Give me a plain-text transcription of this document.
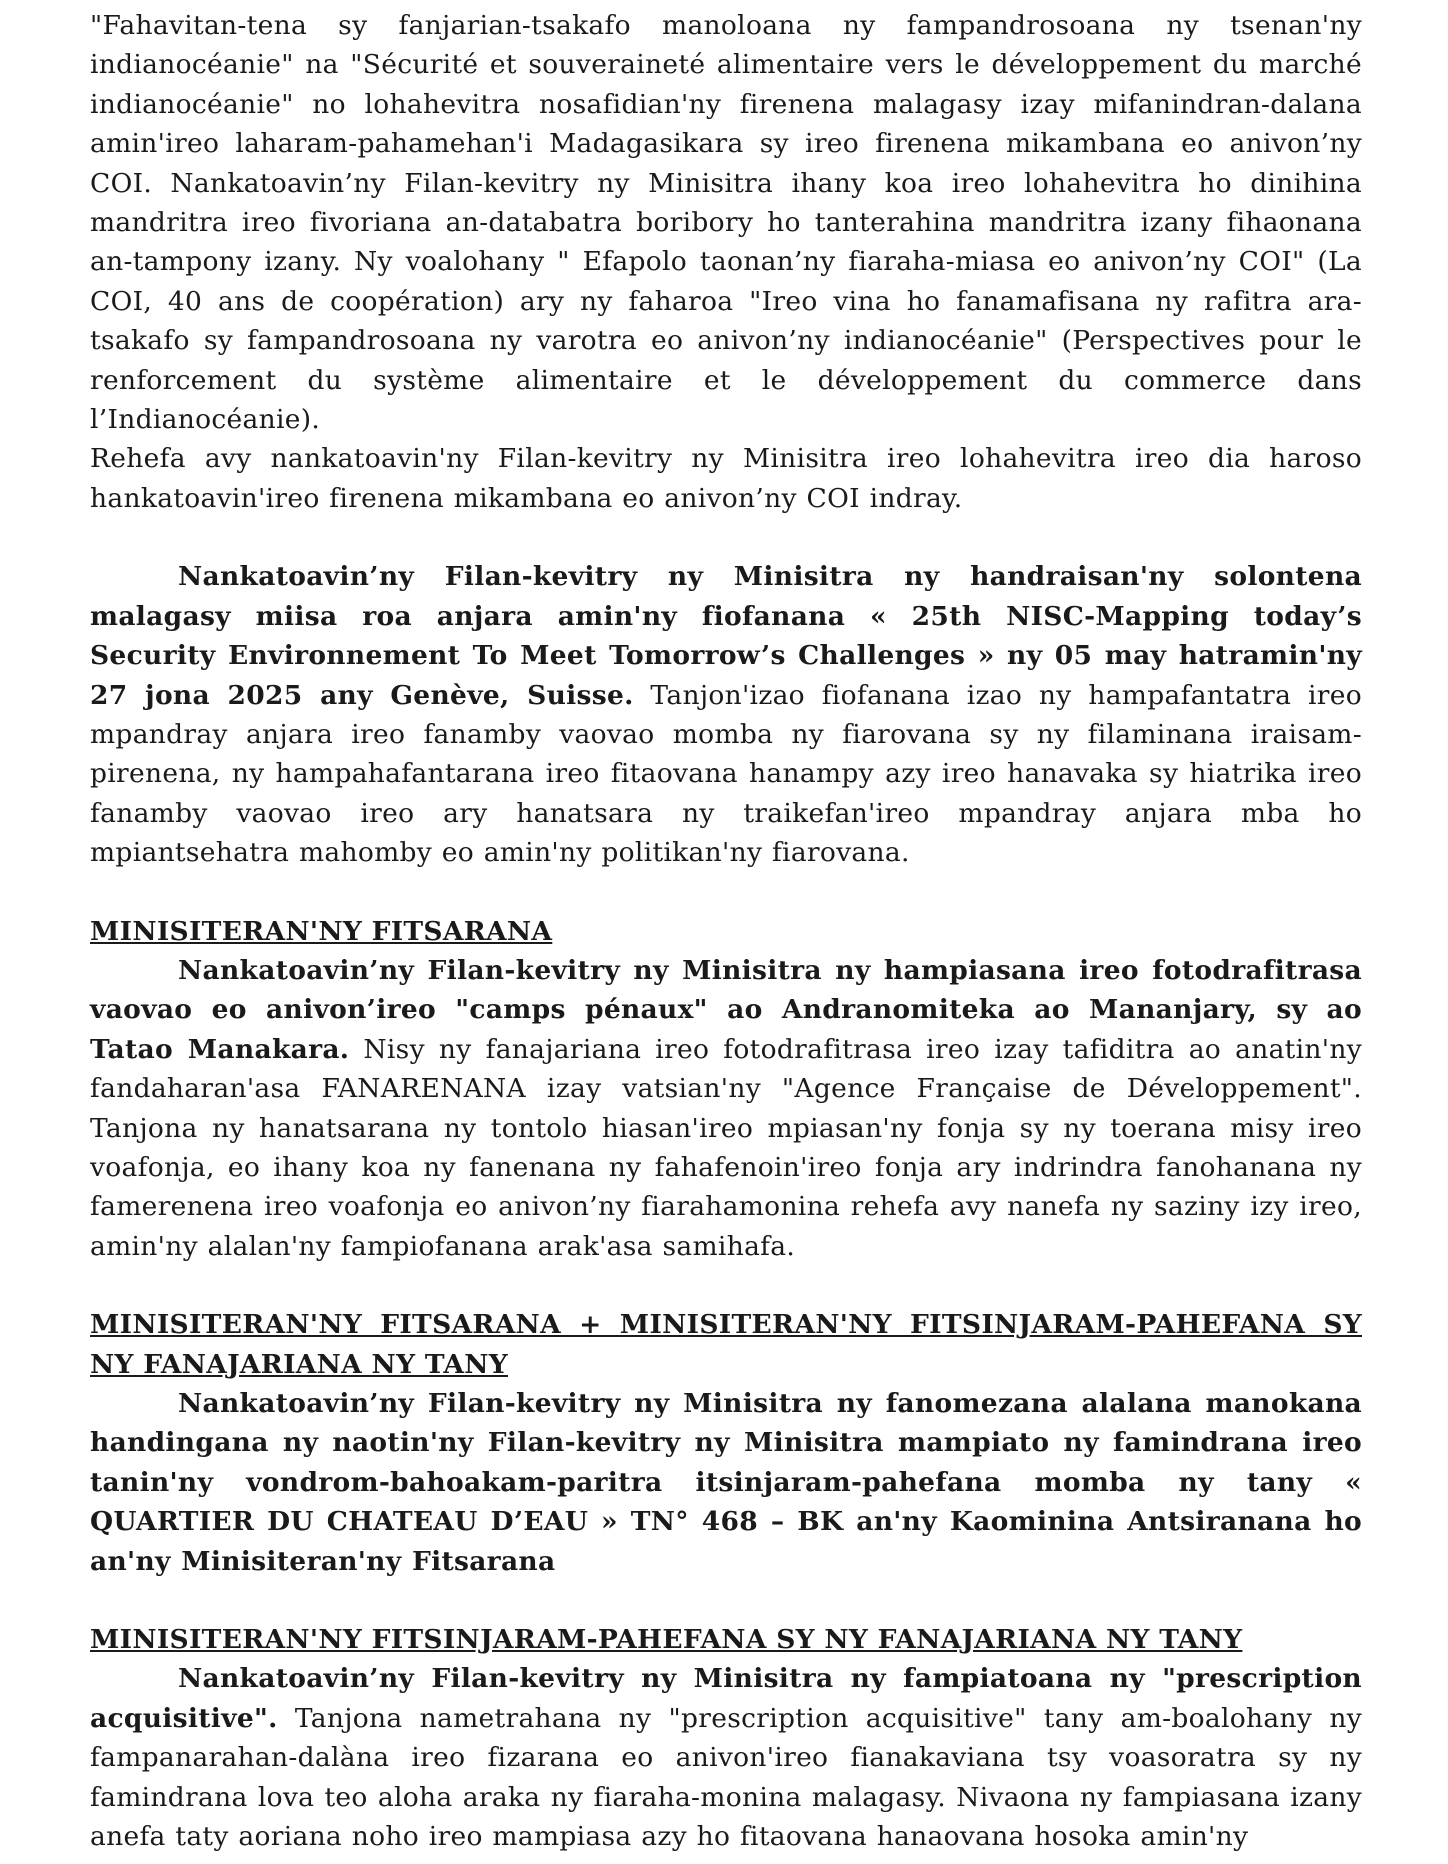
"Fahavitan-tena sy fanjarian-tsakafo manoloana ny fampandrosoana ny tsenan'ny indianocéanie" na "Sécurité et souveraineté alimentaire vers le développement du marché indianocéanie" no lohahevitra nosafidian'ny firenena malagasy izay mifanindran-dalana amin'ireo laharam-pahamehan'i Madagasikara sy ireo firenena mikambana eo anivon’ny COI. Nankatoavin’ny Filan-kevitry ny Minisitra ihany koa ireo lohahevitra ho dinihina mandritra ireo fivoriana an-databatra boribory ho tanterahina mandritra izany fihaonana an-tampony izany. Ny voalohany " Efapolo taonan’ny fiaraha-miasa eo anivon’ny COI" (La COI, 40 ans de coopération) ary ny faharoa "Ireo vina ho fanamafisana ny rafitra ara-tsakafo sy fampandrosoana ny varotra eo anivon’ny indianocéanie" (Perspectives pour le renforcement du système alimentaire et le développement du commerce dans l’Indianocéanie).

Rehefa avy nankatoavin'ny Filan-kevitry ny Minisitra ireo lohahevitra ireo dia haroso hankatoavin'ireo firenena mikambana eo anivon’ny COI indray.

Nankatoavin’ny Filan-kevitry ny Minisitra ny handraisan'ny solontena malagasy miisa roa anjara amin'ny fiofanana « 25th NISC-Mapping today’s Security Environnement To Meet Tomorrow’s Challenges » ny 05 may hatramin'ny 27 jona 2025 any Genève, Suisse. Tanjon'izao fiofanana izao ny hampafantatra ireo mpandray anjara ireo fanamby vaovao momba ny fiarovana sy ny filaminana iraisam-pirenena, ny hampahafantarana ireo fitaovana hanampy azy ireo hanavaka sy hiatrika ireo fanamby vaovao ireo ary hanatsara ny traikefan'ireo mpandray anjara mba ho mpiantsehatra mahomby eo amin'ny politikan'ny fiarovana.

MINISITERAN'NY FITSARANA

Nankatoavin’ny Filan-kevitry ny Minisitra ny hampiasana ireo fotodrafitrasa vaovao eo anivon’ireo "camps pénaux" ao Andranomiteka ao Mananjary, sy ao Tatao Manakara. Nisy ny fanajariana ireo fotodrafitrasa ireo izay tafiditra ao anatin'ny fandaharan'asa FANARENANA izay vatsian'ny "Agence Française de Développement". Tanjona ny hanatsarana ny tontolo hiasan'ireo mpiasan'ny fonja sy ny toerana misy ireo voafonja, eo ihany koa ny fanenana ny fahafenoin'ireo fonja ary indrindra fanohanana ny famerenena ireo voafonja eo anivon’ny fiarahamonina rehefa avy nanefa ny saziny izy ireo, amin'ny alalan'ny fampiofanana arak'asa samihafa.

MINISITERAN'NY FITSARANA + MINISITERAN'NY FITSINJARAM-PAHEFANA SY NY FANAJARIANA NY TANY

Nankatoavin’ny Filan-kevitry ny Minisitra ny fanomezana alalana manokana handingana ny naotin'ny Filan-kevitry ny Minisitra mampiato ny famindrana ireo tanin'ny vondrom-bahoakam-paritra itsinjaram-pahefana momba ny tany « QUARTIER DU CHATEAU D’EAU » TN° 468 – BK an'ny Kaominina Antsiranana ho an'ny Minisiteran'ny Fitsarana

MINISITERAN'NY FITSINJARAM-PAHEFANA SY NY FANAJARIANA NY TANY

Nankatoavin’ny Filan-kevitry ny Minisitra ny fampiatoana ny "prescription acquisitive". Tanjona nametrahana ny "prescription acquisitive" tany am-boalohany ny fampanarahan-dalàna ireo fizarana eo anivon'ireo fianakaviana tsy voasoratra sy ny famindrana lova teo aloha araka ny fiaraha-monina malagasy. Nivaona ny fampiasana izany anefa taty aoriana noho ireo mampiasa azy ho fitaovana hanaovana hosoka amin'ny
